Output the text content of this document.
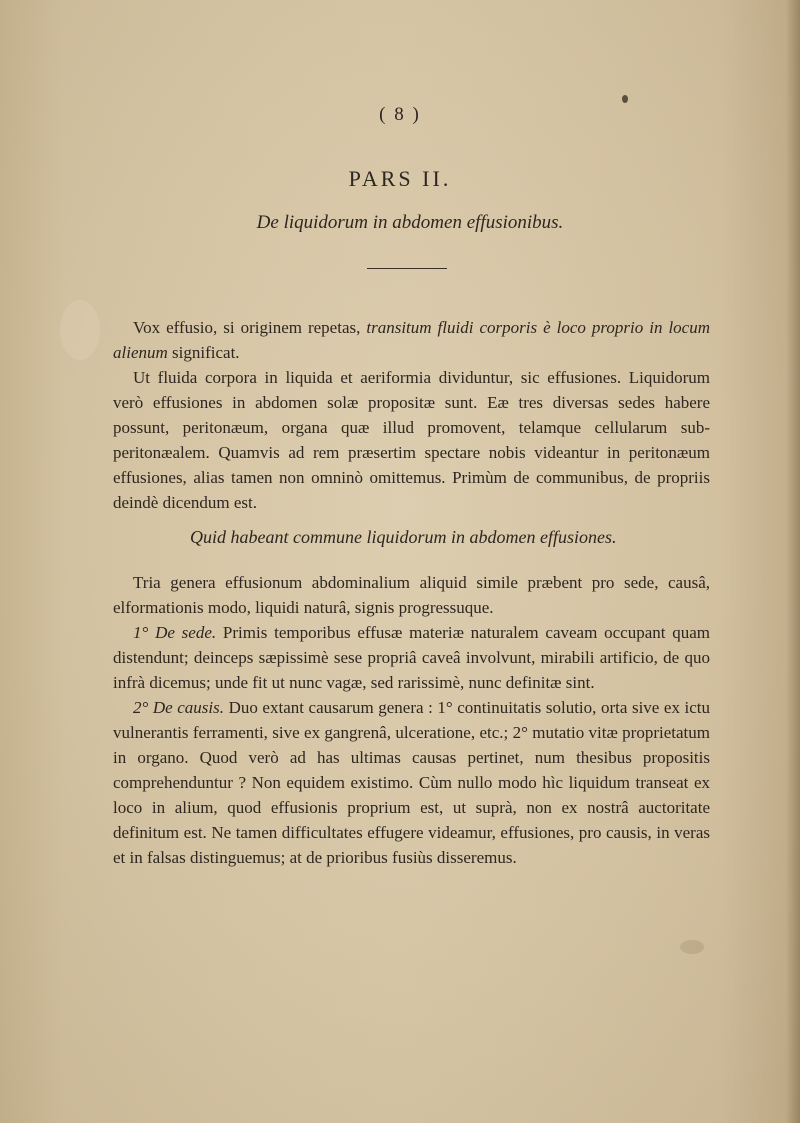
( 8 )
PARS II.
De liquidorum in abdomen effusionibus.

Vox effusio, si originem repetas, transitum fluidi corporis è loco proprio in locum alienum significat.

Ut fluida corpora in liquida et aeriformia dividuntur, sic effusiones. Liquidorum verò effusiones in abdomen solæ propositæ sunt. Eæ tres diversas sedes habere possunt, peritonæum, organa quæ illud promovent, telamque cellularum sub-peritonæalem. Quamvis ad rem præsertim spectare nobis videantur in peritonæum effusiones, alias tamen non omninò omittemus. Primùm de communibus, de propriis deindè dicendum est.

Quid habeant commune liquidorum in abdomen effusiones.

Tria genera effusionum abdominalium aliquid simile præbent pro sede, causâ, elformationis modo, liquidi naturâ, signis progressuque.

1° De sede. Primis temporibus effusæ materiæ naturalem caveam occupant quam distendunt; deinceps sæpissimè sese propriâ caveâ involvunt, mirabili artificio, de quo infrà dicemus; unde fit ut nunc vagæ, sed rarissimè, nunc definitæ sint.

2° De causis. Duo extant causarum genera : 1° continuitatis solutio, orta sive ex ictu vulnerantis ferramenti, sive ex gangrenâ, ulceratione, etc.; 2° mutatio vitæ proprietatum in organo. Quod verò ad has ultimas causas pertinet, num thesibus propositis comprehenduntur ? Non equidem existimo. Cùm nullo modo hìc liquidum transeat ex loco in alium, quod effusionis proprium est, ut suprà, non ex nostrâ auctoritate definitum est. Ne tamen difficultates effugere videamur, effusiones, pro causis, in veras et in falsas distinguemus; at de prioribus fusiùs disseremus.
